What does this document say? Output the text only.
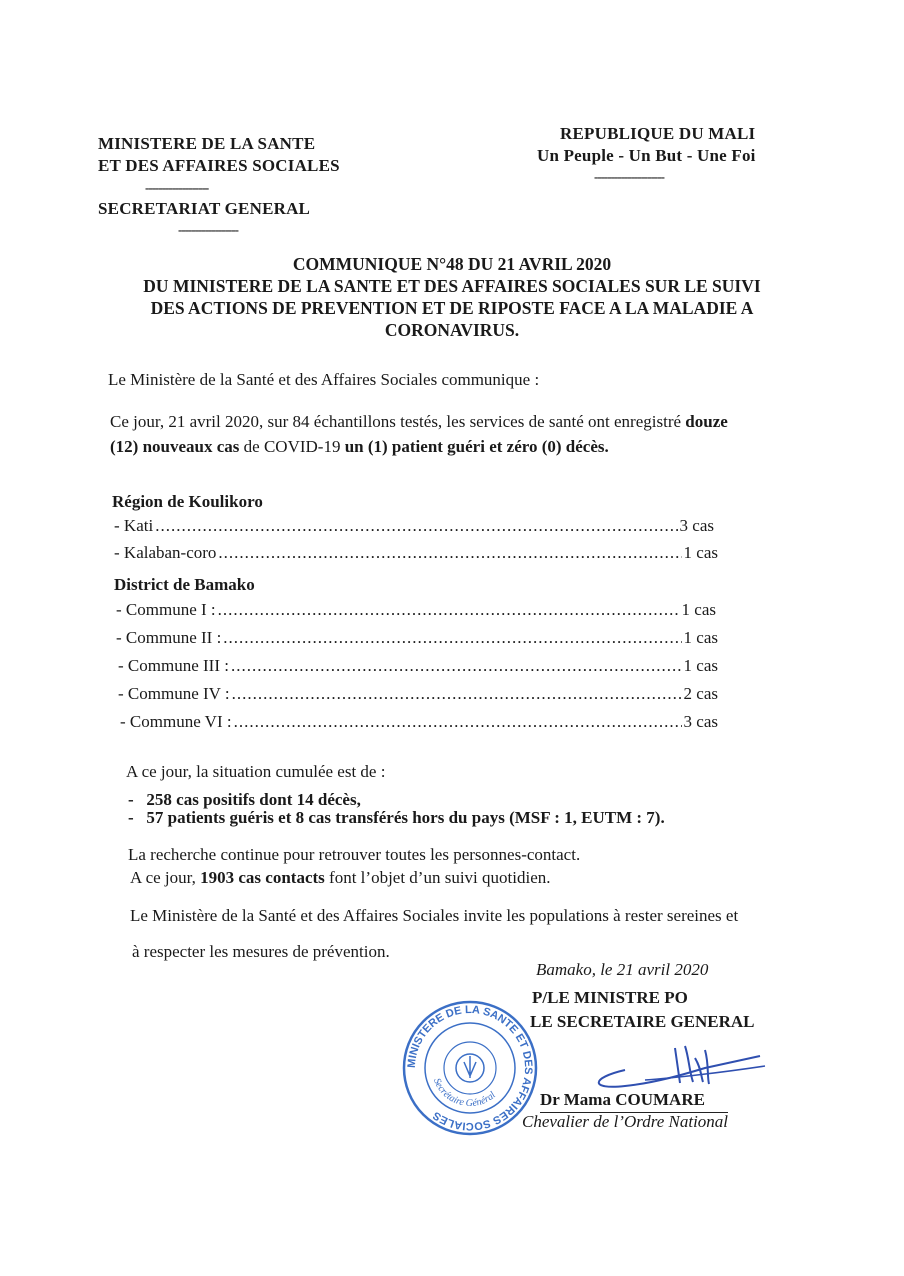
MINISTERE DE LA SANTE
ET DES AFFAIRES SOCIALES
-------------------
SECRETARIAT GENERAL
------------------
REPUBLIQUE DU MALI
Un Peuple - Un But - Une Foi
---------------------
COMMUNIQUE N°48 DU 21 AVRIL 2020
DU MINISTERE DE LA SANTE ET DES AFFAIRES SOCIALES SUR LE SUIVI
DES ACTIONS DE PREVENTION ET DE RIPOSTE FACE A LA MALADIE A
CORONAVIRUS.
Le Ministère de la Santé et des Affaires Sociales communique :
Ce jour, 21 avril 2020, sur 84 échantillons testés, les services de santé ont enregistré douze
(12) nouveaux cas de COVID-19 un (1) patient guéri et zéro (0) décès.
Région de Koulikoro
- Kati .....	3 cas
- Kalaban-coro .....	1 cas
District de Bamako
- Commune I : .....	1 cas
- Commune II : .....	1 cas
- Commune III : .....	1 cas
- Commune IV : .....	2 cas
- Commune VI : .....	3 cas
A ce jour, la situation cumulée est de :
-   258 cas positifs dont 14 décès,
-   57 patients guéris et 8 cas transférés hors du pays (MSF : 1, EUTM : 7).
La recherche continue pour retrouver toutes les personnes-contact.
A ce jour, 1903 cas contacts font l’objet d’un suivi quotidien.
Le Ministère de la Santé et des Affaires Sociales invite les populations à rester sereines et
à respecter les mesures de prévention.
Bamako, le 21 avril 2020
P/LE MINISTRE PO
LE SECRETAIRE GENERAL
Dr Mama COUMARE
Chevalier de l’Ordre National
MINISTERE DE LA SANTE ET DES AFFAIRES SOCIALES
Secrétaire Général
